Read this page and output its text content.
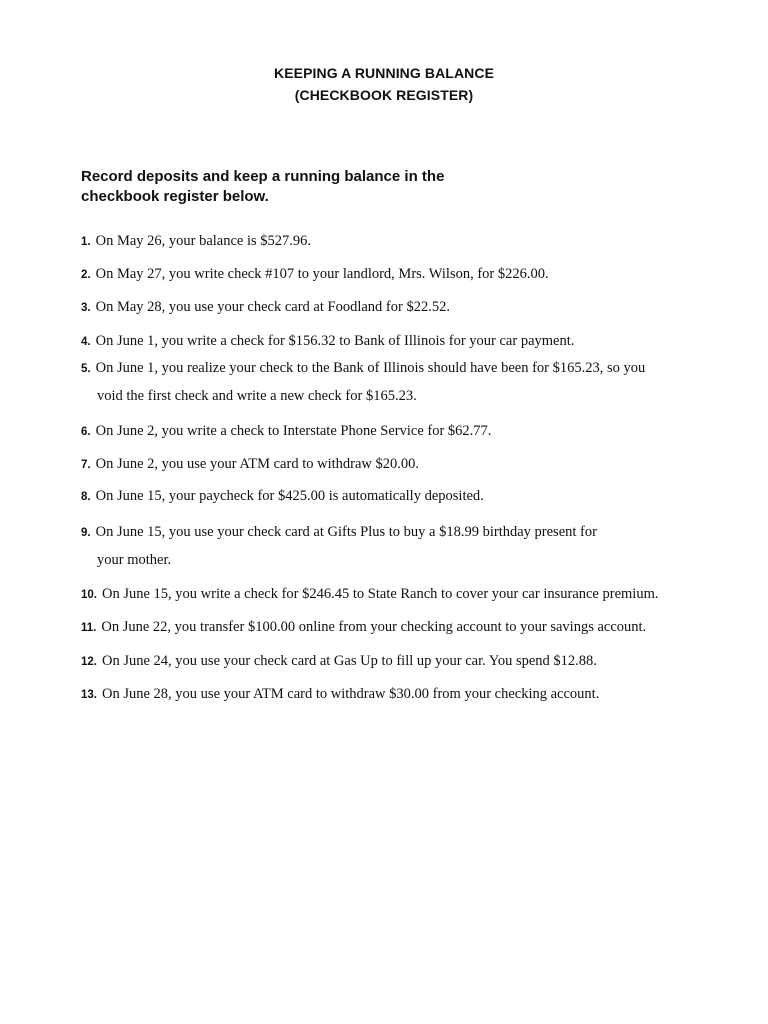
KEEPING A RUNNING BALANCE
(CHECKBOOK REGISTER)
Record deposits and keep a running balance in the checkbook register below.
1. On May 26, your balance is $527.96.
2. On May 27, you write check #107 to your landlord, Mrs. Wilson, for $226.00.
3. On May 28, you use your check card at Foodland for $22.52.
4. On June 1, you write a check for $156.32 to Bank of Illinois for your car payment.
5. On June 1, you realize your check to the Bank of Illinois should have been for $165.23, so you
void the first check and write a new check for $165.23.
6. On June 2, you write a check to Interstate Phone Service for $62.77.
7. On June 2, you use your ATM card to withdraw $20.00.
8. On June 15, your paycheck for $425.00 is automatically deposited.
9. On June 15, you use your check card at Gifts Plus to buy a $18.99 birthday present for
your mother.
10. On June 15, you write a check for $246.45 to State Ranch to cover your car insurance premium.
11. On June 22, you transfer $100.00 online from your checking account to your savings account.
12. On June 24, you use your check card at Gas Up to fill up your car. You spend $12.88.
13. On June 28, you use your ATM card to withdraw $30.00 from your checking account.
